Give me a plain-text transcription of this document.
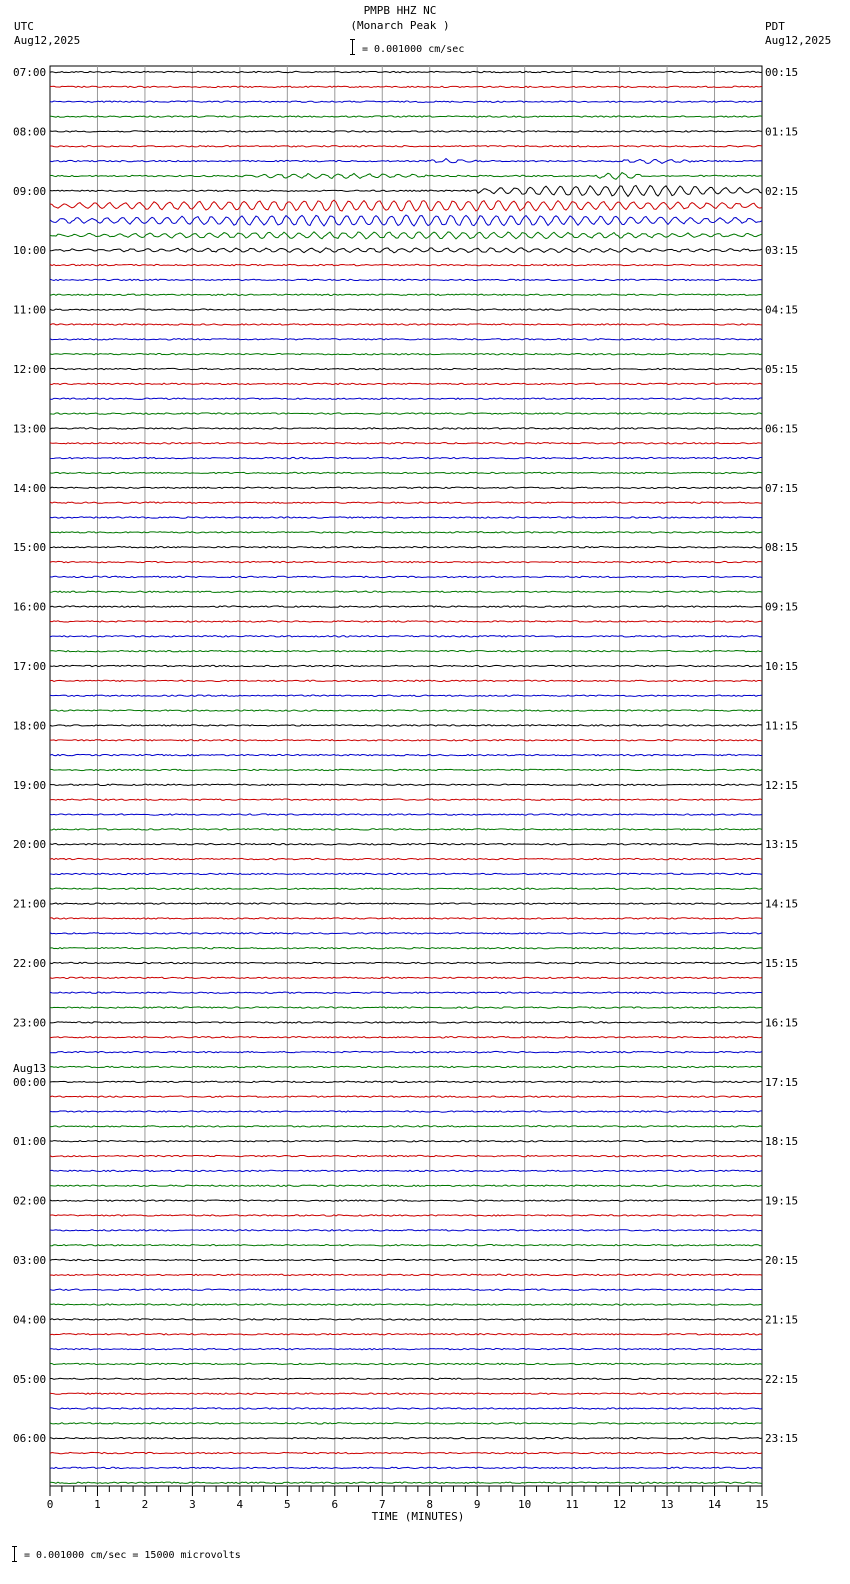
PMPB HHZ NC
(Monarch Peak )
= 0.001000 cm/sec
UTC
Aug12,2025
PDT
Aug12,2025
0	1	2	3	4	5	6	7	8	9	10	11	12	13	14	15
07:00
08:00
09:00
10:00
11:00
12:00
13:00
14:00
15:00
16:00
17:00
18:00
19:00
20:00
21:00
22:00
23:00
00:00
01:00
02:00
03:00
04:00
05:00
06:00
00:15
01:15
02:15
03:15
04:15
05:15
06:15
07:15
08:15
09:15
10:15
11:15
12:15
13:15
14:15
15:15
16:15
17:15
18:15
19:15
20:15
21:15
22:15
23:15
Aug13
TIME (MINUTES)
= 0.001000 cm/sec = 15000 microvolts
